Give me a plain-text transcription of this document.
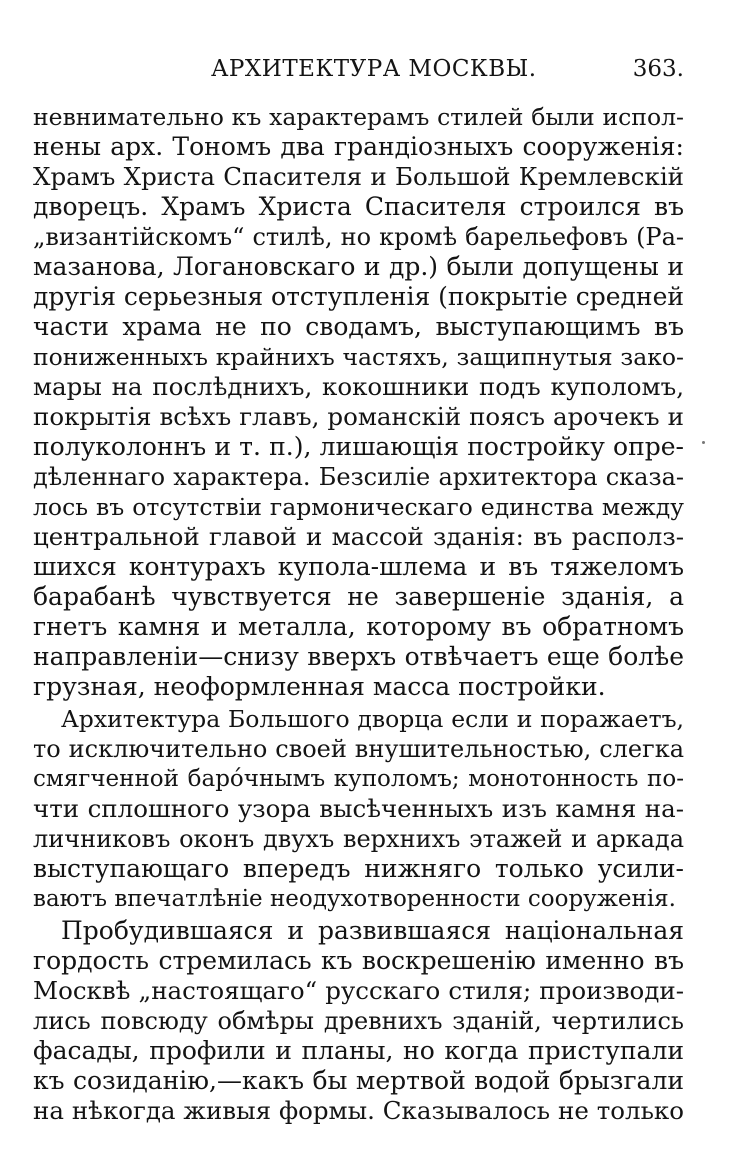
АРХИТЕКТУРА МОСКВЫ.	363.
невнимательно къ характерамъ стилей были испол-
нены арх. Тономъ два грандiозныхъ сооруженiя:
Храмъ Христа Спасителя и Большой Кремлевскiй
дворецъ. Храмъ Христа Спасителя строился въ
„византiйскомъ“ стилѣ, но кромѣ барельефовъ (Ра-
мазанова, Логановскаго и др.) были допущены и
другiя серьезныя отступленiя (покрытiе средней
части храма не по сводамъ, выступающимъ въ
пониженныхъ крайнихъ частяхъ, защипнутыя зако-
мары на послѣднихъ, кокошники подъ куполомъ,
покрытiя всѣхъ главъ, романскiй поясъ арочекъ и
полуколоннъ и т. п.), лишающiя постройку опре-
дѣленнаго характера. Безсилiе архитектора сказа-
лось въ отсутствiи гармоническаго единства между
центральной главой и массой зданiя: въ располз-
шихся контурахъ купола-шлема и въ тяжеломъ
барабанѣ чувствуется не завершенiе зданiя, а
гнетъ камня и металла, которому въ обратномъ
направленiи—снизу вверхъ отвѣчаетъ еще болѣе
грузная, неоформленная масса постройки.
Архитектура Большого дворца если и поражаетъ,
то исключительно своей внушительностью, слегка
смягченной барóчнымъ куполомъ; монотонность по-
чти сплошного узора высѣченныхъ изъ камня на-
личниковъ оконъ двухъ верхнихъ этажей и аркада
выступающаго впередъ нижняго только усили-
ваютъ впечатлѣнiе неодухотворенности сооруженiя.
Пробудившаяся и развившаяся нацiональная
гордость стремилась къ воскрешенiю именно въ
Москвѣ „настоящаго“ русскаго стиля; производи-
лись повсюду обмѣры древнихъ зданiй, чертились
фасады, профили и планы, но когда приступали
къ созиданiю,—какъ бы мертвой водой брызгали
на нѣкогда живыя формы. Сказывалось не только
